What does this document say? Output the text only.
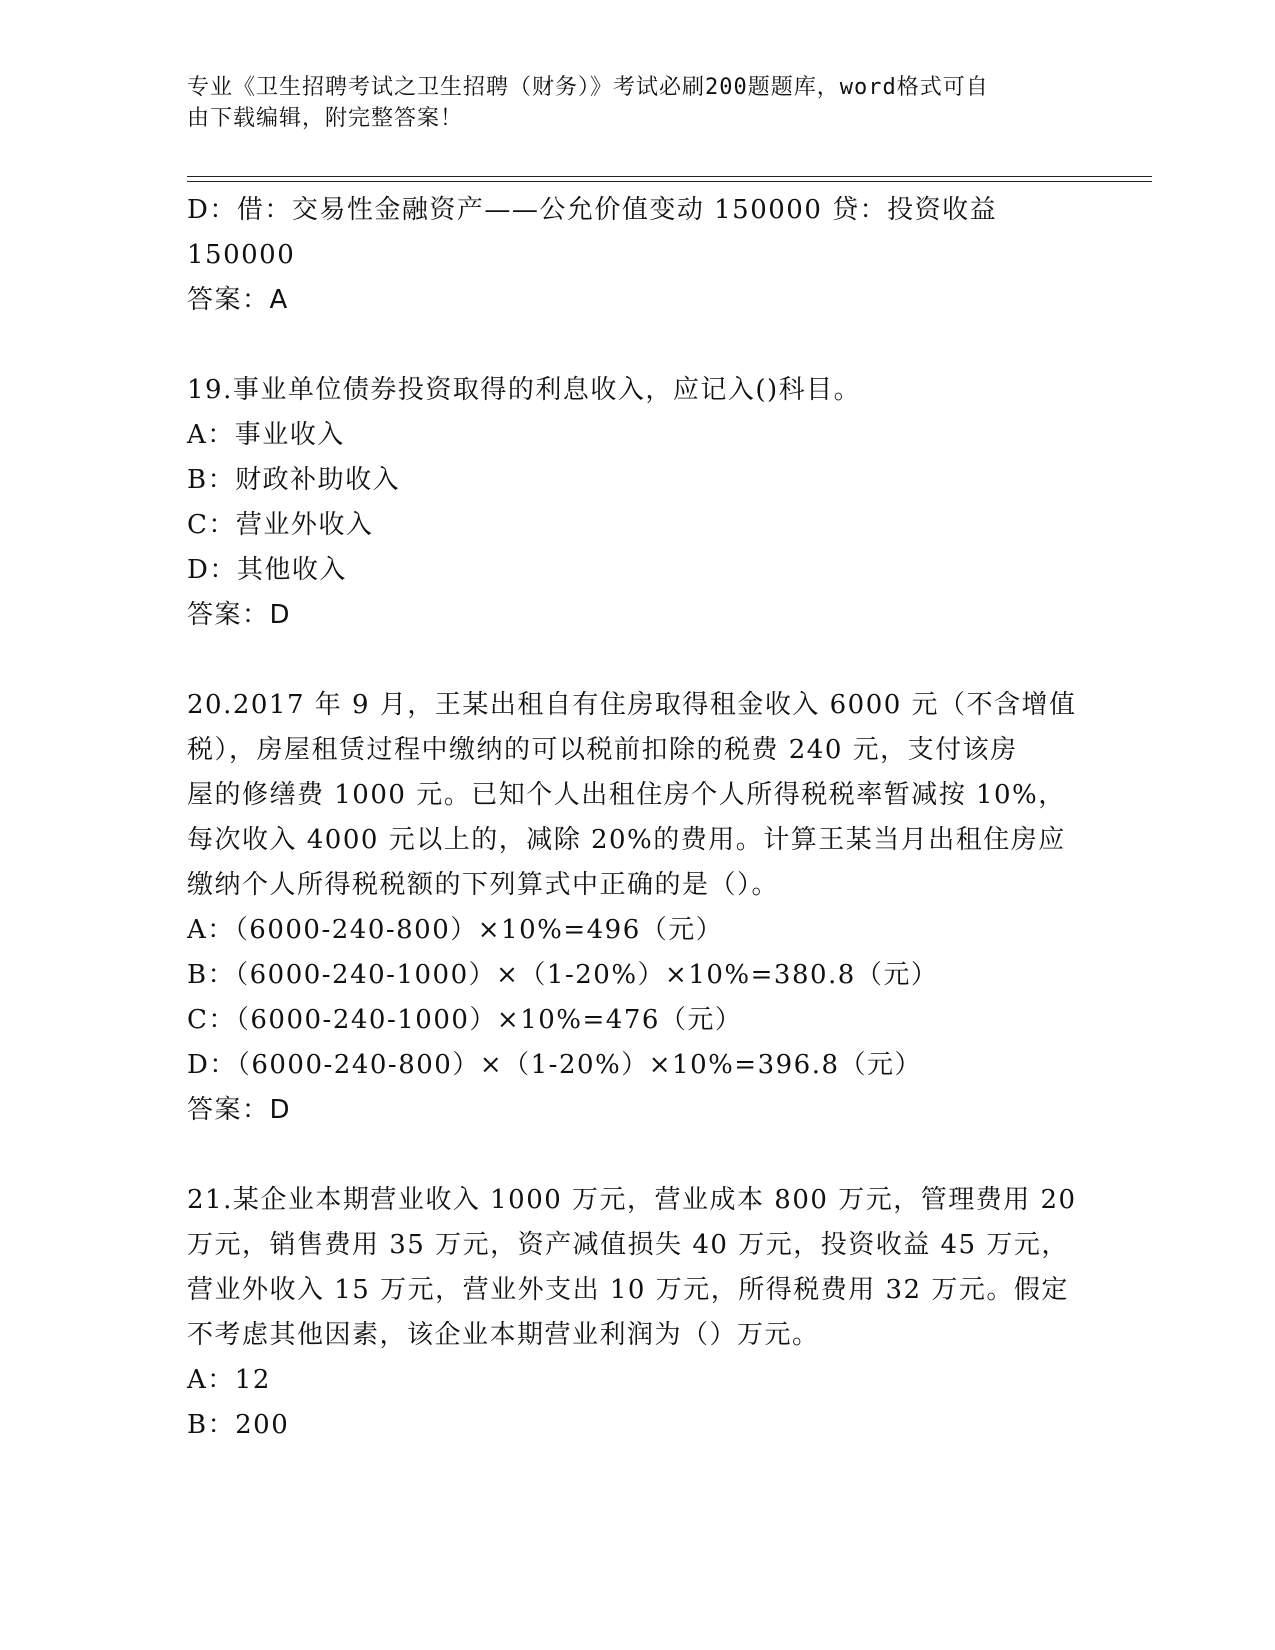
专业《卫生招聘考试之卫生招聘（财务）》考试必刷200题题库，word格式可自
由下载编辑，附完整答案！
D：借：交易性金融资产——公允价值变动 150000 贷：投资收益
150000
答案：A
19.事业单位债券投资取得的利息收入，应记入()科目。
A：事业收入
B：财政补助收入
C：营业外收入
D：其他收入
答案：D
20.2017 年 9 月，王某出租自有住房取得租金收入 6000 元（不含增值
税），房屋租赁过程中缴纳的可以税前扣除的税费 240 元，支付该房
屋的修缮费 1000 元。已知个人出租住房个人所得税税率暂减按 10%，
每次收入 4000 元以上的，减除 20%的费用。计算王某当月出租住房应
缴纳个人所得税税额的下列算式中正确的是（）。
A：（6000-240-800）×10%=496（元）
B：（6000-240-1000）×（1-20%）×10%=380.8（元）
C：（6000-240-1000）×10%=476（元）
D：（6000-240-800）×（1-20%）×10%=396.8（元）
答案：D
21.某企业本期营业收入 1000 万元，营业成本 800 万元，管理费用 20
万元，销售费用 35 万元，资产减值损失 40 万元，投资收益 45 万元，
营业外收入 15 万元，营业外支出 10 万元，所得税费用 32 万元。假定
不考虑其他因素，该企业本期营业利润为（）万元。
A：12
B：200
